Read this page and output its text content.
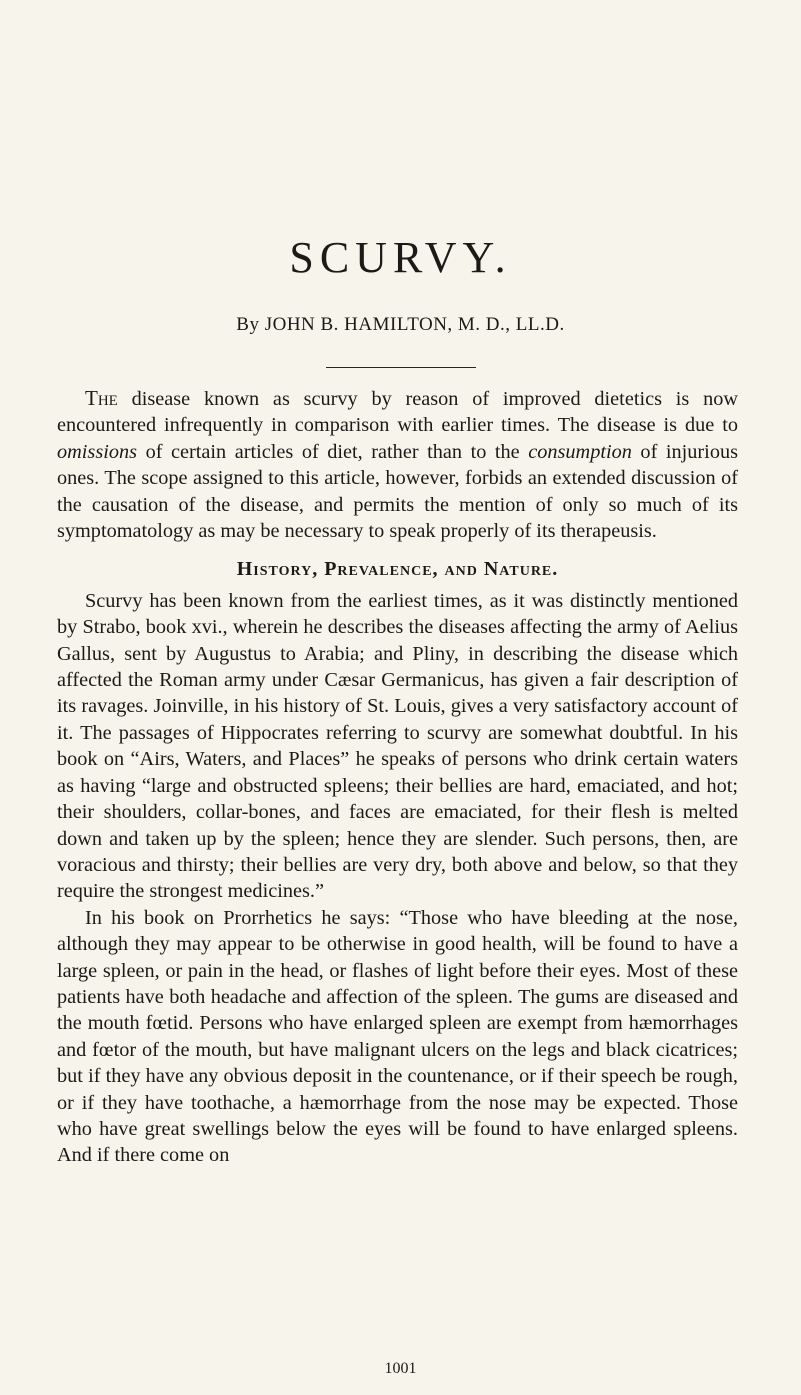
SCURVY.
By JOHN B. HAMILTON, M. D., LL.D.

The disease known as scurvy by reason of improved dietetics is now encountered infrequently in comparison with earlier times. The disease is due to omissions of certain articles of diet, rather than to the consumption of injurious ones. The scope assigned to this article, however, forbids an extended discussion of the causation of the disease, and permits the mention of only so much of its symptomatology as may be necessary to speak properly of its therapeusis.

History, Prevalence, and Nature.

Scurvy has been known from the earliest times, as it was distinctly mentioned by Strabo, book xvi., wherein he describes the diseases affecting the army of Aelius Gallus, sent by Augustus to Arabia; and Pliny, in describing the disease which affected the Roman army under Cæsar Germanicus, has given a fair description of its ravages. Joinville, in his history of St. Louis, gives a very satisfactory account of it. The passages of Hippocrates referring to scurvy are somewhat doubtful. In his book on “Airs, Waters, and Places” he speaks of persons who drink certain waters as having “large and obstructed spleens; their bellies are hard, emaciated, and hot; their shoulders, collar-bones, and faces are emaciated, for their flesh is melted down and taken up by the spleen; hence they are slender. Such persons, then, are voracious and thirsty; their bellies are very dry, both above and below, so that they require the strongest medicines.”

In his book on Prorrhetics he says: “Those who have bleeding at the nose, although they may appear to be otherwise in good health, will be found to have a large spleen, or pain in the head, or flashes of light before their eyes. Most of these patients have both headache and affection of the spleen. The gums are diseased and the mouth fœtid. Persons who have enlarged spleen are exempt from hæmorrhages and fœtor of the mouth, but have malignant ulcers on the legs and black cicatrices; but if they have any obvious deposit in the countenance, or if their speech be rough, or if they have toothache, a hæmorrhage from the nose may be expected. Those who have great swellings below the eyes will be found to have enlarged spleens. And if there come on

1001
